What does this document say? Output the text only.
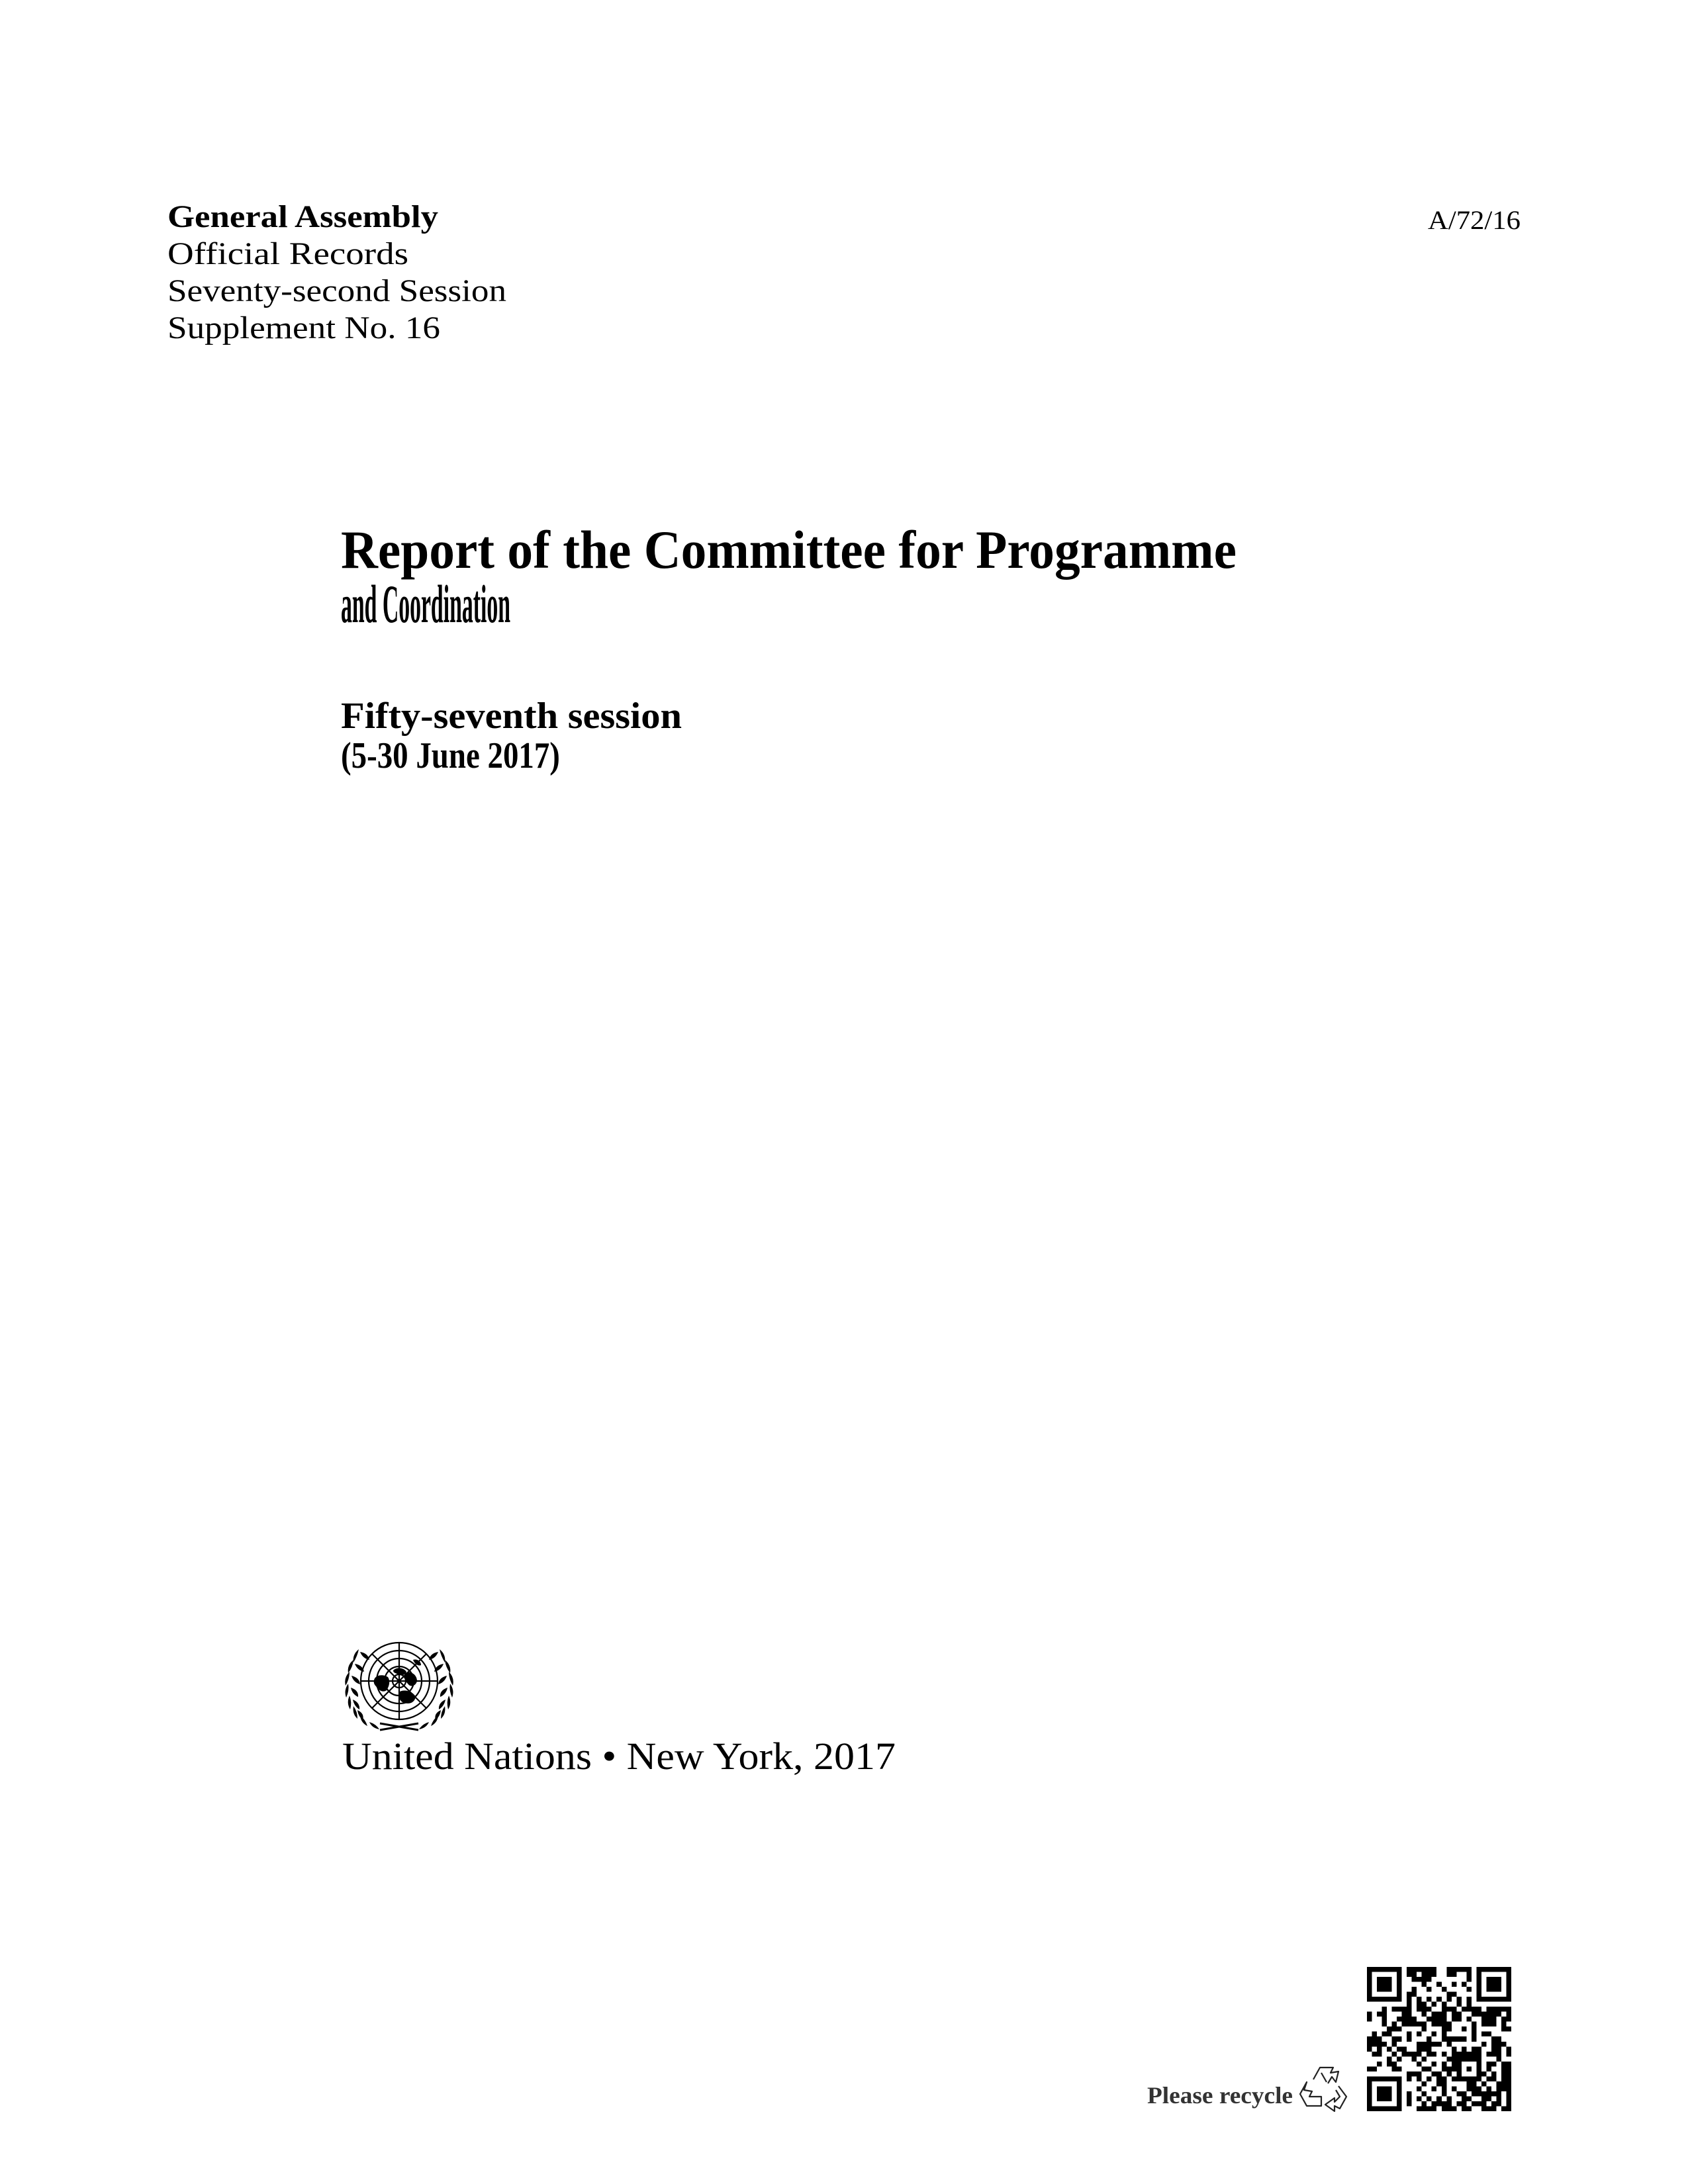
General Assembly
Official Records
Seventy-second Session
Supplement No. 16
A/72/16
Report of the Committee for Programme
and Coordination
Fifty-seventh session
(5-30 June 2017)
United Nations • New York, 2017
Please recycle
